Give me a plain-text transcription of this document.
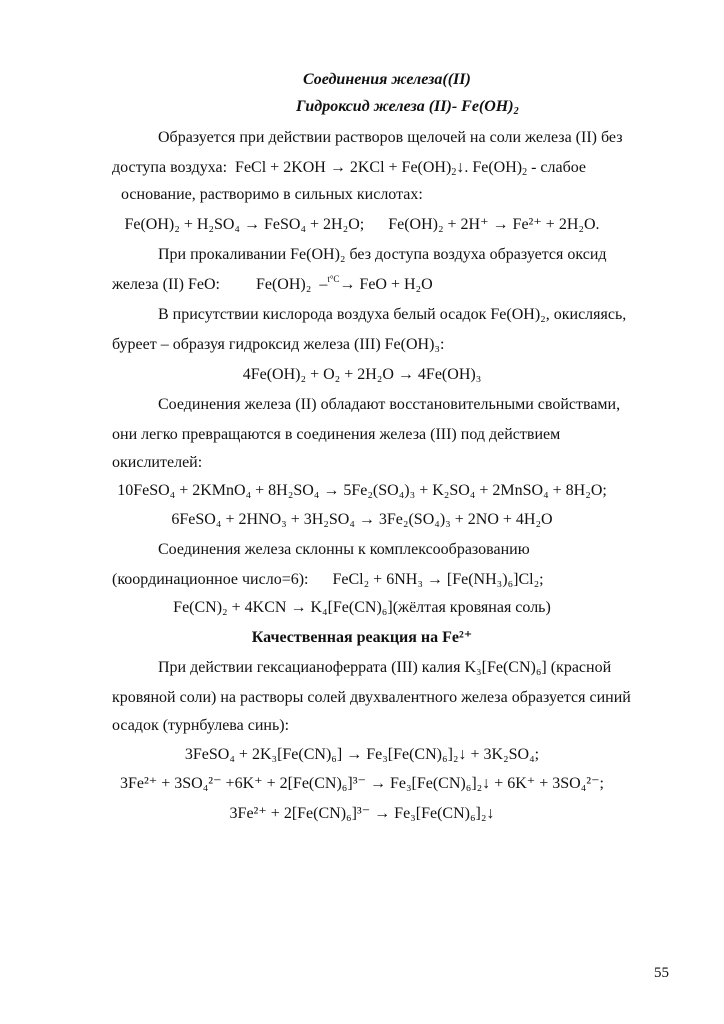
Соединения железа((II)
Гидроксид железа (II)- $Fe(OH)_2$
Образуется при действии растворов щелочей на соли железа (II) без
доступа воздуха: FeCl + $2KOH \to 2KCl + Fe(OH)_2↓$. $Fe(OH)_2$ - слабое
основание, растворимо в сильных кислотах:
Fe(OH)₂ + H₂SO₄ → FeSO₄ + 2H₂O;      Fe(OH)₂ + 2H⁺ → Fe²⁺ + 2H₂O.
При прокаливании Fe(OH)₂ без доступа воздуха образуется оксид
железа (II) FeO: Fe(OH)₂  –$^{t^\circ C}$→ FeO + H₂O
В присутствии кислорода воздуха белый осадок Fe(OH)₂, окисляясь,
буреет – образуя гидроксид железа (III) Fe(OH)₃:
4Fe(OH)₂ + O₂ + 2H₂O → 4Fe(OH)₃
Соединения железа (II) обладают восстановительными свойствами,
они легко превращаются в соединения железа (III) под действием
окислителей:
10FeSO₄ + 2KMnO₄ + 8H₂SO₄ → 5Fe₂(SO₄)₃ + K₂SO₄ + 2MnSO₄ + 8H₂O;
6FeSO₄ + 2HNO₃ + 3H₂SO₄ → 3Fe₂(SO₄)₃ + 2NO + 4H₂O
Соединения железа склонны к комплексообразованию
(координационное число=6): FeCl₂ + 6NH₃ → [Fe(NH₃)₆]Cl₂;
Fe(CN)₂ + 4KCN → K₄[Fe(CN)₆](жёлтая кровяная соль)
Качественная реакция на Fe²⁺
При действии гексацианоферрата (III) калия K₃[Fe(CN)₆] (красной
кровяной соли) на растворы солей двухвалентного железа образуется синий
осадок (турнбулева синь):
3FeSO₄ + 2K₃[Fe(CN)₆] → Fe₃[Fe(CN)₆]₂↓ + 3K₂SO₄;
3Fe²⁺ + 3SO₄²⁻ +6K⁺ + 2[Fe(CN)₆]³⁻ → Fe₃[Fe(CN)₆]₂↓ + 6K⁺ + 3SO₄²⁻;
3Fe²⁺ + 2[Fe(CN)₆]³⁻ → Fe₃[Fe(CN)₆]₂↓
55
